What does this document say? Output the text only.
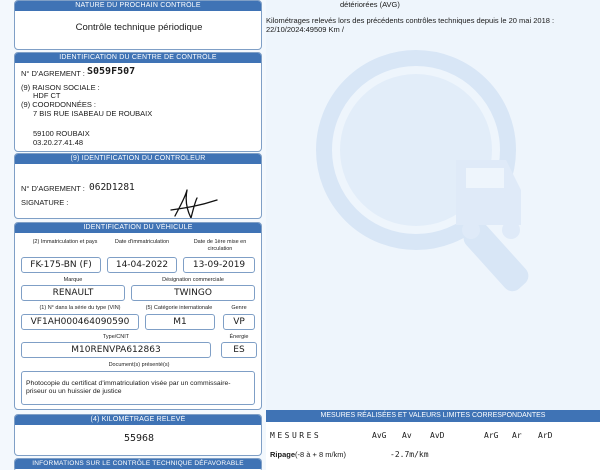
NATURE DU PROCHAIN CONTRÔLE
Contrôle technique périodique
IDENTIFICATION DU CENTRE DE CONTRÔLE
N° D'AGREMENT : S059F507
(9) RAISON SOCIALE :
HDF CT
(9) COORDONNÉES :
7 BIS RUE ISABEAU DE ROUBAIX
59100 ROUBAIX
03.20.27.41.48
(9) IDENTIFICATION DU CONTRÔLEUR
N° D'AGREMENT : 062D1281
SIGNATURE :
IDENTIFICATION DU VÉHICULE
(2) Immatriculation et pays	Date d'immatriculation	Date de 1ère mise en circulation
FK-175-BN (F)	14-04-2022	13-09-2019
Marque	Désignation commerciale
RENAULT	TWINGO
(1) N° dans la série du type (VIN)	(5) Catégorie internationale	Genre
VF1AH000464090590	M1	VP
Type/CNIT	Énergie
M10RENVPA612863	ES
Document(s) présenté(s)
Photocopie du certificat d'immatriculation visée par un commissaire-priseur ou un huissier de justice
(4) KILOMÉTRAGE RELEVÉ
55968
INFORMATIONS SUR LE CONTRÔLE TECHNIQUE DÉFAVORABLE
détériorées (AVG)
Kilométrages relevés lors des précédents contrôles techniques depuis le 20 mai 2018 :
22/10/2024:49509 Km /
MESURES RÉALISÉES ET VALEURS LIMITES CORRESPONDANTES
MESURES	AvG Av AvD	ArG Ar ArD
Ripage (-8 à + 8 m/km)	-2.7m/km
